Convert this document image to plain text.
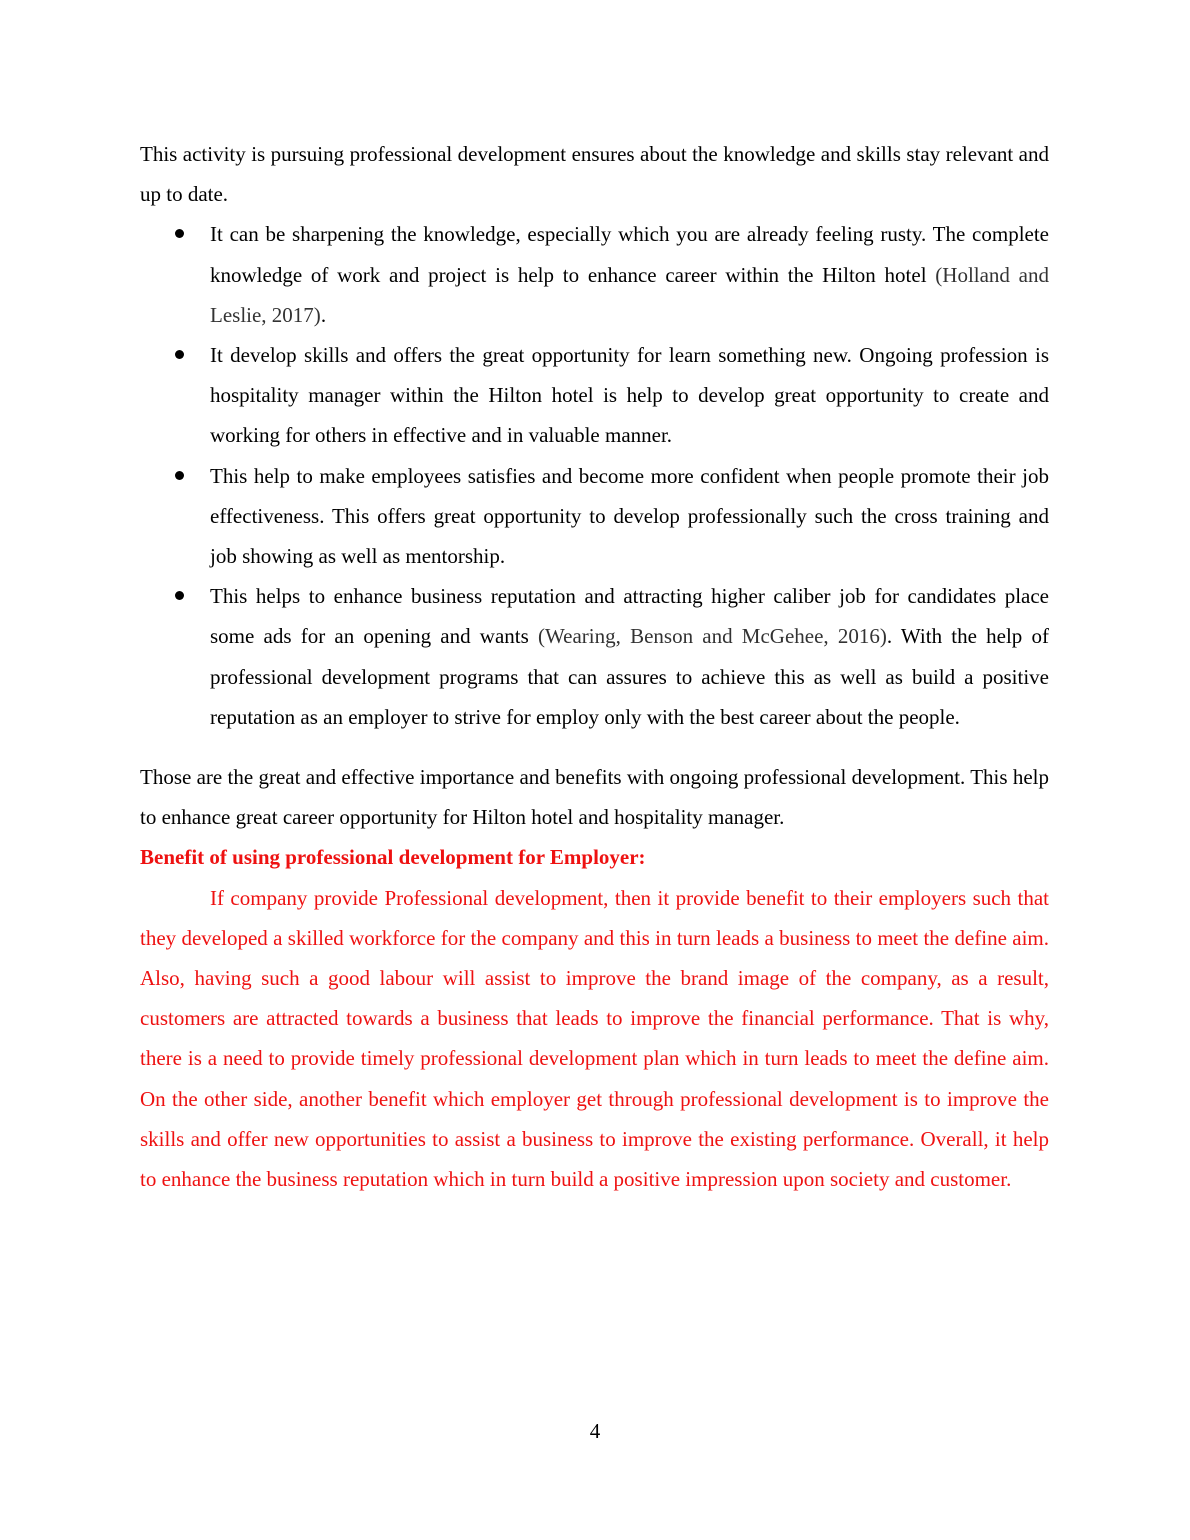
This activity is pursuing professional development ensures about the knowledge and skills stay relevant and up to date.

It can be sharpening the knowledge, especially which you are already feeling rusty. The complete knowledge of work and project is help to enhance career within the Hilton hotel (Holland and Leslie, 2017).
It develop skills and offers the great opportunity for learn something new. Ongoing profession is hospitality manager within the Hilton hotel is help to develop great opportunity to create and working for others in effective and in valuable manner.
This help to make employees satisfies and become more confident when people promote their job effectiveness. This offers great opportunity to develop professionally such the cross training and job showing as well as mentorship.
This helps to enhance business reputation and attracting higher caliber job for candidates place some ads for an opening and wants (Wearing, Benson and McGehee, 2016). With the help of professional development programs that can assures to achieve this as well as build a positive reputation as an employer to strive for employ only with the best career about the people.

Those are the great and effective importance and benefits with ongoing professional development. This help to enhance great career opportunity for Hilton hotel and hospitality manager.

Benefit of using professional development for Employer:

If company provide Professional development, then it provide benefit to their employers such that they developed a skilled workforce for the company and this in turn leads a business to meet the define aim. Also, having such a good labour will assist to improve the brand image of the company, as a result, customers are attracted towards a business that leads to improve the financial performance. That is why, there is a need to provide timely professional development plan which in turn leads to meet the define aim. On the other side, another benefit which employer get through professional development is to improve the skills and offer new opportunities to assist a business to improve the existing performance. Overall, it help to enhance the business reputation which in turn build a positive impression upon society and customer.

4
